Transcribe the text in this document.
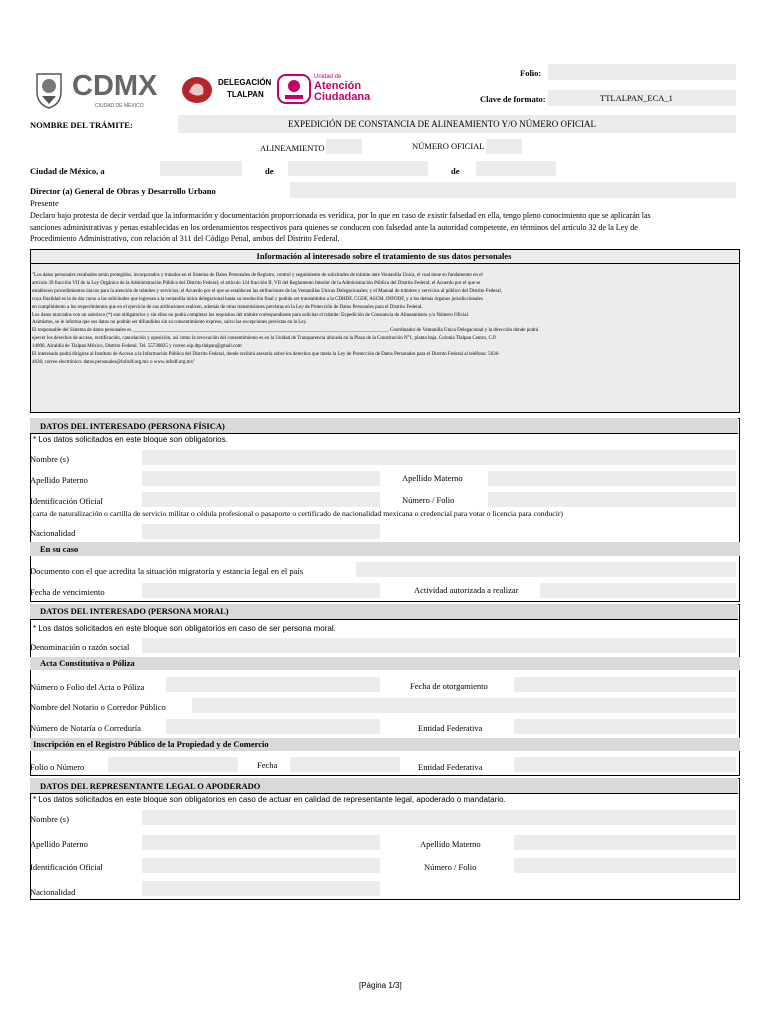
CDMX
CIUDAD DE MÉXICO
DELEGACIÓN
TLALPAN
Unidad de
Atención
Ciudadana
Folio:
Clave de formato:	TTLALPAN_ECA_1
NOMBRE DEL TRÁMITE:	EXPEDICIÓN DE CONSTANCIA DE ALINEAMIENTO Y/O NÚMERO OFICIAL
ALINEAMIENTO	NÚMERO OFICIAL
Ciudad de México, a	de	de
Director (a) General de Obras y Desarrollo Urbano
Presente
Declaro bajo protesta de decir verdad que la información y documentación proporcionada es verídica, por lo que en caso de existir falsedad en ella, tengo pleno conocimiento que se aplicarán las
sanciones administrativas y penas establecidas en los ordenamientos respectivos para quienes se conducen con falsedad ante la autoridad competente, en términos del artículo 32 de la Ley de
Procedimiento Administrativo, con relación al 311 del Código Penal, ambos del Distrito Federal.
Información al interesado sobre el tratamiento de sus datos personales
"Los datos personales recabados serán protegidos, incorporados y tratados en el Sistema de Datos Personales de Registro, control y seguimiento de solicitudes de trámite ante Ventanilla Única, el cual tiene su fundamento en el
artículo 39 fracción VII de la Ley Orgánica de la Administración Pública del Distrito Federal; el artículo 124 fracción II, VII del Reglamento Interior de la Administración Pública del Distrito Federal; el Acuerdo por el que se
establecen procedimientos únicos para la atención de trámites y servicios; el Acuerdo por el que se establecen las atribuciones de las Ventanillas Únicas Delegacionales; y el Manual de trámites y servicios al público del Distrito Federal,
cuya finalidad es la de dar curso a las solicitudes que ingresan a la ventanilla única delegacional hasta su resolución final y podrán ser transmitidos a la CDHDF, CGDF, ASCM, INFODF, y a los demás órganos jurisdiccionales
en cumplimiento a los requerimientos que en el ejercicio de sus atribuciones realicen, además de otras transmisiones previstas en la Ley de Protección de Datos Personales para el Distrito Federal.
Los datos marcados con un asterisco (*) son obligatorios y sin ellos no podrá completar los requisitos del trámite correspondiente para solicitar el trámite: Expedición de Constancia de Alineamiento y/o Número Oficial.
Asimismo, se le informa que sus datos no podrán ser difundidos sin su consentimiento expreso, salvo las excepciones previstas en la Ley.
El responsable del Sistema de datos personales es ______________________________________________________________________________________________________, Coordinador de Ventanilla Única Delegacional y la dirección donde podrá
ejercer los derechos de acceso, rectificación, cancelación y oposición, así como la revocación del consentimiento es en la Unidad de Transparencia ubicada en la Plaza de la Constitución N°1, planta baja. Colonia Tlalpan Centro, C.P.
14000, Alcaldía de Tlalpan México, Distrito Federal. Tel. 55730825 y correo oip.dtp.tlalpan@gmail.com
El interesado podrá dirigirse al Instituto de Acceso a la Información Pública del Distrito Federal, donde recibirá asesoría sobre los derechos que tutela la Ley de Protección de Datos Personales para el Distrito Federal al teléfono: 5636-
4636; correo electrónico: datos.personales@infodf.org.mx o www.infodf.org.mx"
DATOS DEL INTERESADO (PERSONA FÍSICA)
* Los datos solicitados en este bloque son obligatorios.
Nombre (s)
Apellido Paterno	Apellido Materno
Identificación Oficial	Número / Folio
(carta de naturalización o cartilla de servicio militar o cédula profesional o pasaporte o certificado de nacionalidad mexicana o credencial para votar o licencia para conducir)
Nacionalidad
En su caso
Documento con el que acredita la situación migratoria y estancia legal en el país
Fecha de vencimiento	Actividad autorizada a realizar
DATOS DEL INTERESADO (PERSONA MORAL)
* Los datos solicitados en este bloque son obligatorios en caso de ser persona moral.
Denominación o razón social
Acta Constitutiva o Póliza
Número o Folio del Acta o Póliza	Fecha de otorgamiento
Nombre del Notario o Corredor Público
Número de Notaría o Correduría	Entidad Federativa
Inscripción en el Registro Público de la Propiedad y de Comercio
Folio o Número	Fecha	Entidad Federativa
DATOS DEL REPRESENTANTE LEGAL O APODERADO
* Los datos solicitados en este bloque son obligatorios en caso de actuar en calidad de representante legal, apoderado o mandatario.
Nombre (s)
Apellido Paterno	Apellido Materno
Identificación Oficial	Número / Folio
Nacionalidad
[Página 1/3]
